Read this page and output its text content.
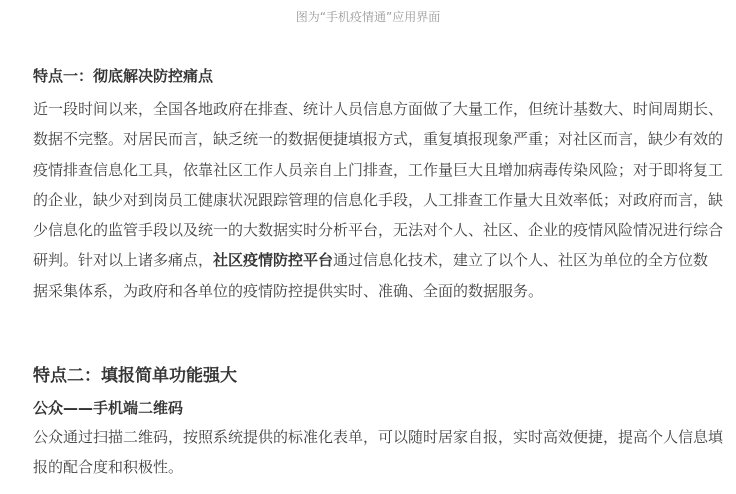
图为“手机疫情通”应用界面

特点一：彻底解决防控痛点

近一段时间以来，全国各地政府在排查、统计人员信息方面做了大量工作，但统计基数大、时间周期长、数据不完整。对居民而言，缺乏统一的数据便捷填报方式，重复填报现象严重；对社区而言，缺少有效的疫情排查信息化工具，依靠社区工作人员亲自上门排查，工作量巨大且增加病毒传染风险；对于即将复工的企业，缺少对到岗员工健康状况跟踪管理的信息化手段，人工排查工作量大且效率低；对政府而言，缺少信息化的监管手段以及统一的大数据实时分析平台，无法对个人、社区、企业的疫情风险情况进行综合研判。针对以上诸多痛点，社区疫情防控平台通过信息化技术，建立了以个人、社区为单位的全方位数据采集体系，为政府和各单位的疫情防控提供实时、准确、全面的数据服务。

特点二：填报简单功能强大
公众——手机端二维码

公众通过扫描二维码，按照系统提供的标准化表单，可以随时居家自报，实时高效便捷，提高个人信息填报的配合度和积极性。
